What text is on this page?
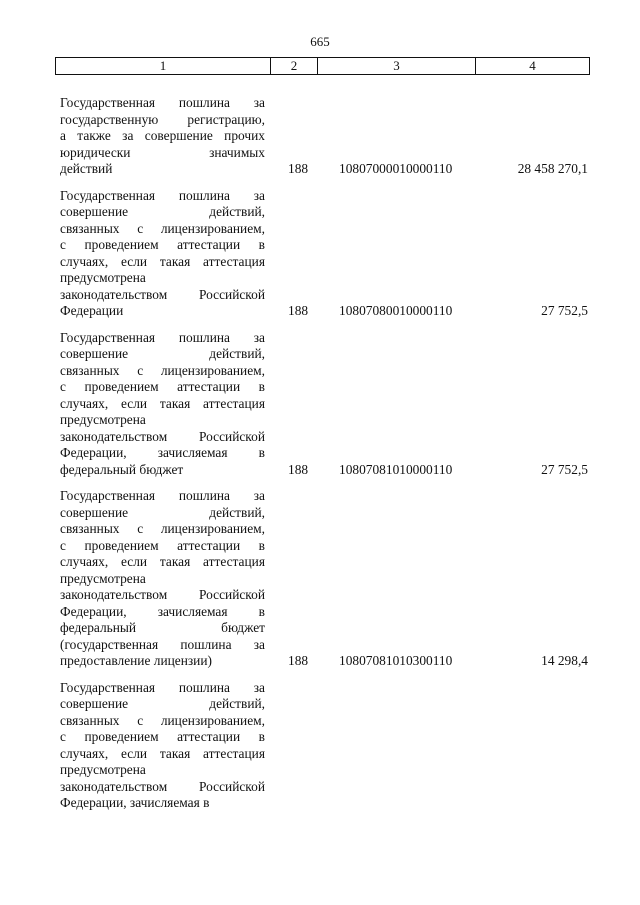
665
1	2	3	4
Государственная пошлина за
государственную регистрацию,
а также за совершение прочих
юридически значимых
действий	188 10807000010000110	28 458 270,1
Государственная пошлина за
совершение действий,
связанных с лицензированием,
с проведением аттестации в
случаях, если такая аттестация
предусмотрена
законодательством Российской
Федерации	188 10807080010000110	27 752,5
Государственная пошлина за
совершение действий,
связанных с лицензированием,
с проведением аттестации в
случаях, если такая аттестация
предусмотрена
законодательством Российской
Федерации, зачисляемая в
федеральный бюджет	188 10807081010000110	27 752,5
Государственная пошлина за
совершение действий,
связанных с лицензированием,
с проведением аттестации в
случаях, если такая аттестация
предусмотрена
законодательством Российской
Федерации, зачисляемая в
федеральный бюджет
(государственная пошлина за
предоставление лицензии)	188 10807081010300110	14 298,4
Государственная пошлина за
совершение действий,
связанных с лицензированием,
с проведением аттестации в
случаях, если такая аттестация
предусмотрена
законодательством Российской
Федерации, зачисляемая в
